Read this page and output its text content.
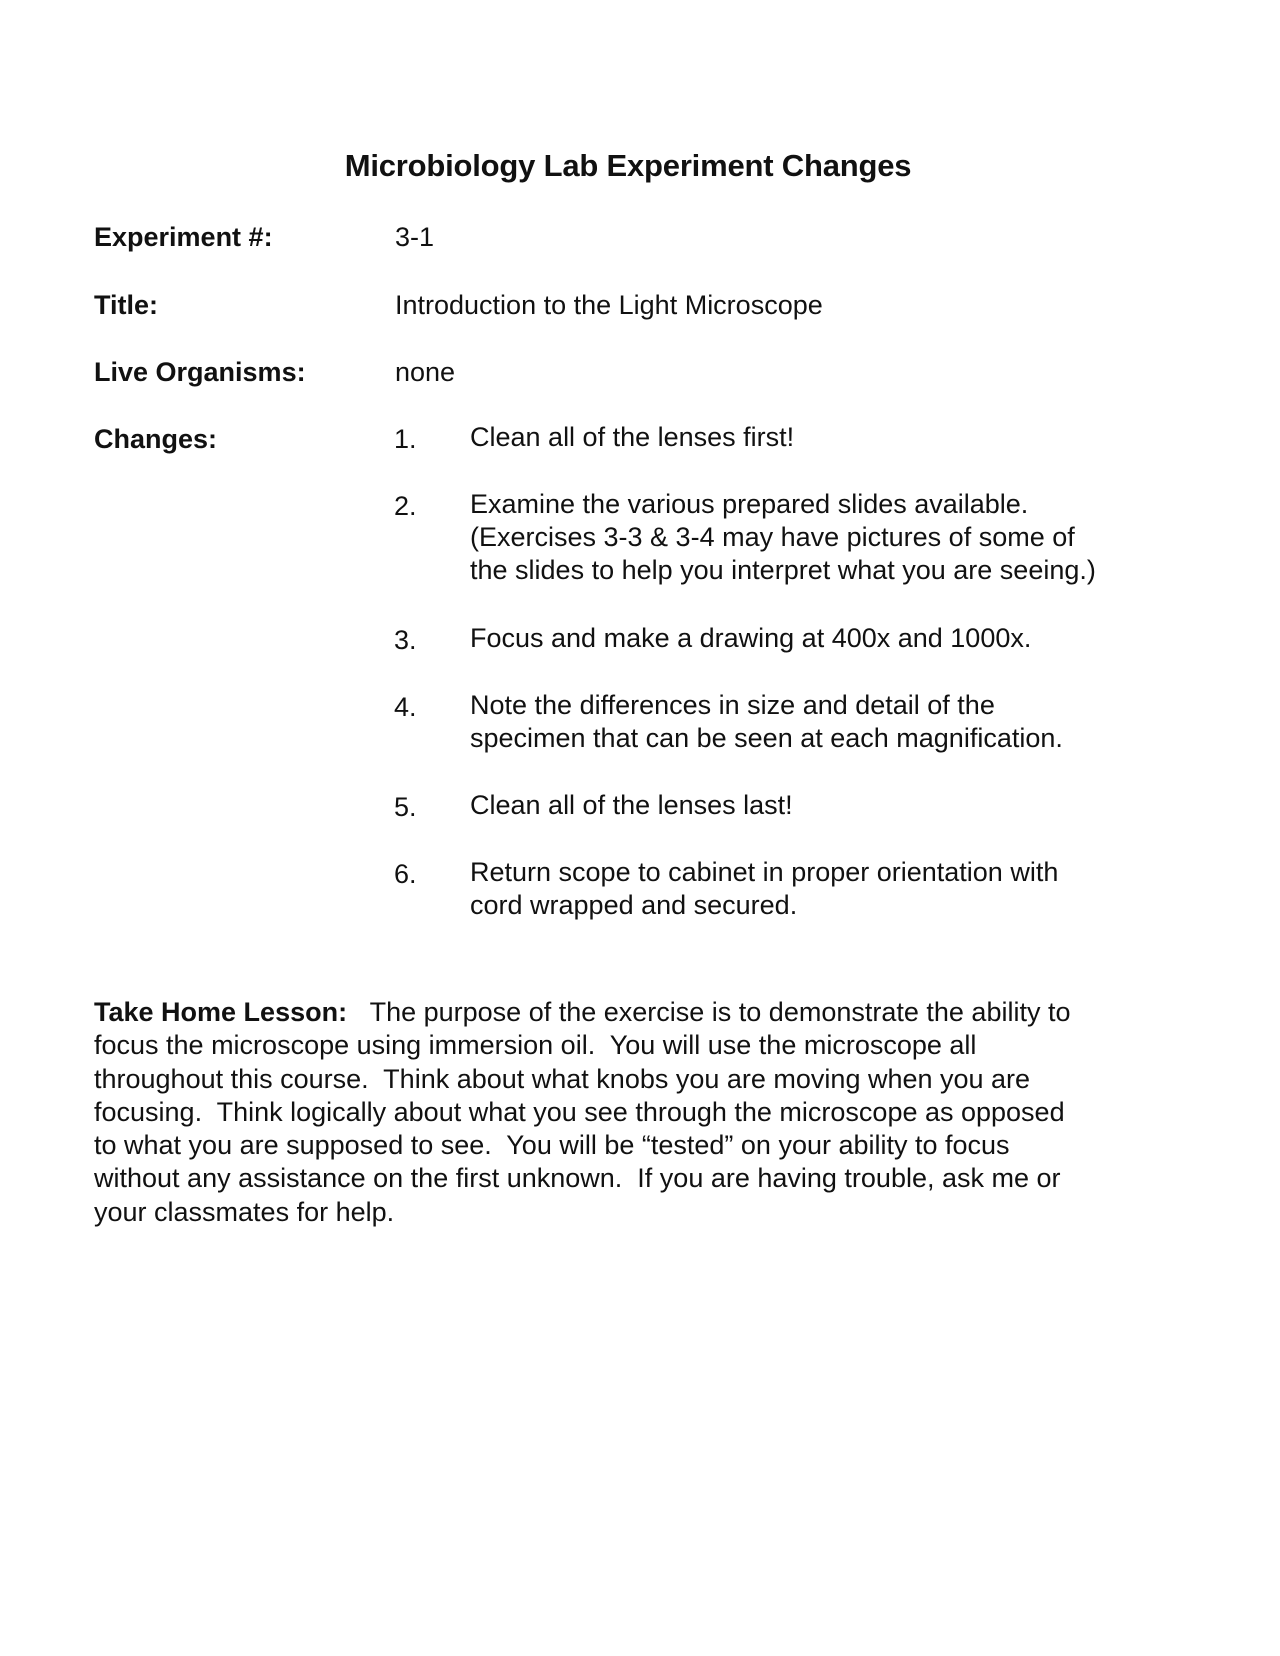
Microbiology Lab Experiment Changes
Experiment #:	3-1
Title:	Introduction to the Light Microscope
Live Organisms:	none
Changes:	1. Clean all of the lenses first!
2. Examine the various prepared slides available.
(Exercises 3-3 & 3-4 may have pictures of some of
the slides to help you interpret what you are seeing.)
3. Focus and make a drawing at 400x and 1000x.
4. Note the differences in size and detail of the
specimen that can be seen at each magnification.
5. Clean all of the lenses last!
6. Return scope to cabinet in proper orientation with
cord wrapped and secured.
Take Home Lesson: The purpose of the exercise is to demonstrate the ability to
focus the microscope using immersion oil.  You will use the microscope all
throughout this course.  Think about what knobs you are moving when you are
focusing.  Think logically about what you see through the microscope as opposed
to what you are supposed to see.  You will be “tested” on your ability to focus
without any assistance on the first unknown.  If you are having trouble, ask me or
your classmates for help.
